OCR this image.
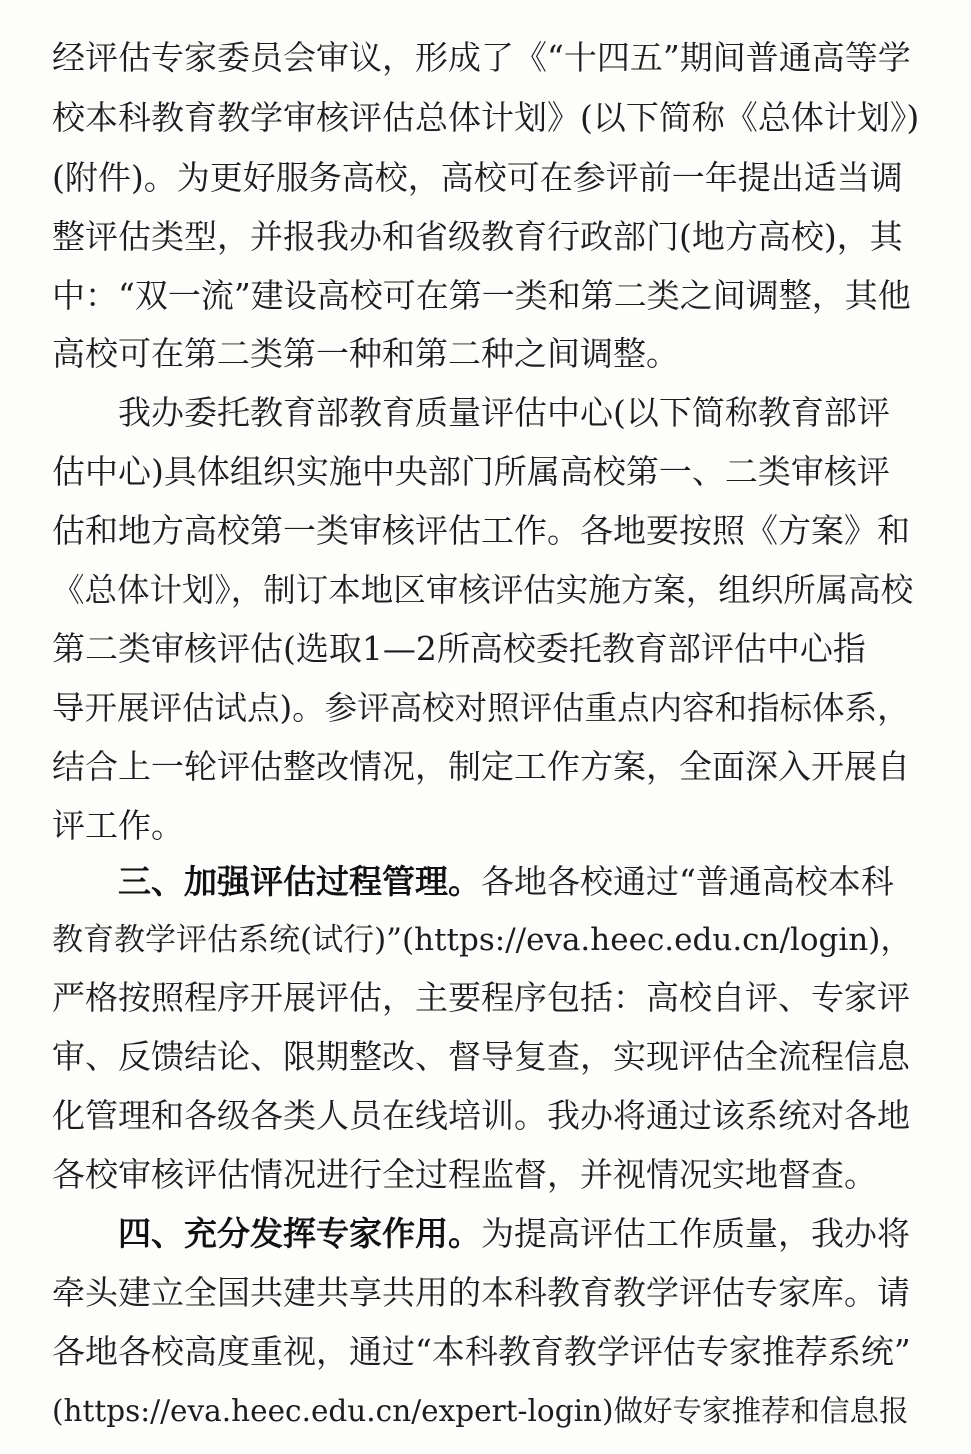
经评估专家委员会审议，形成了《“十四五”期间普通高等学
校本科教育教学审核评估总体计划》(以下简称《总体计划》)
(附件)。为更好服务高校，高校可在参评前一年提出适当调
整评估类型，并报我办和省级教育行政部门(地方高校)，其
中：“双一流”建设高校可在第一类和第二类之间调整，其他
高校可在第二类第一种和第二种之间调整。
我办委托教育部教育质量评估中心(以下简称教育部评
估中心)具体组织实施中央部门所属高校第一、二类审核评
估和地方高校第一类审核评估工作。各地要按照《方案》和
《总体计划》，制订本地区审核评估实施方案，组织所属高校
第二类审核评估(选取1—2所高校委托教育部评估中心指
导开展评估试点)。参评高校对照评估重点内容和指标体系，
结合上一轮评估整改情况，制定工作方案，全面深入开展自
评工作。
三、加强评估过程管理。各地各校通过“普通高校本科
教育教学评估系统(试行)”(https://eva.heec.edu.cn/login)，
严格按照程序开展评估，主要程序包括：高校自评、专家评
审、反馈结论、限期整改、督导复查，实现评估全流程信息
化管理和各级各类人员在线培训。我办将通过该系统对各地
各校审核评估情况进行全过程监督，并视情况实地督查。
四、充分发挥专家作用。为提高评估工作质量，我办将
牵头建立全国共建共享共用的本科教育教学评估专家库。请
各地各校高度重视，通过“本科教育教学评估专家推荐系统”
(https://eva.heec.edu.cn/expert-login)做好专家推荐和信息报
